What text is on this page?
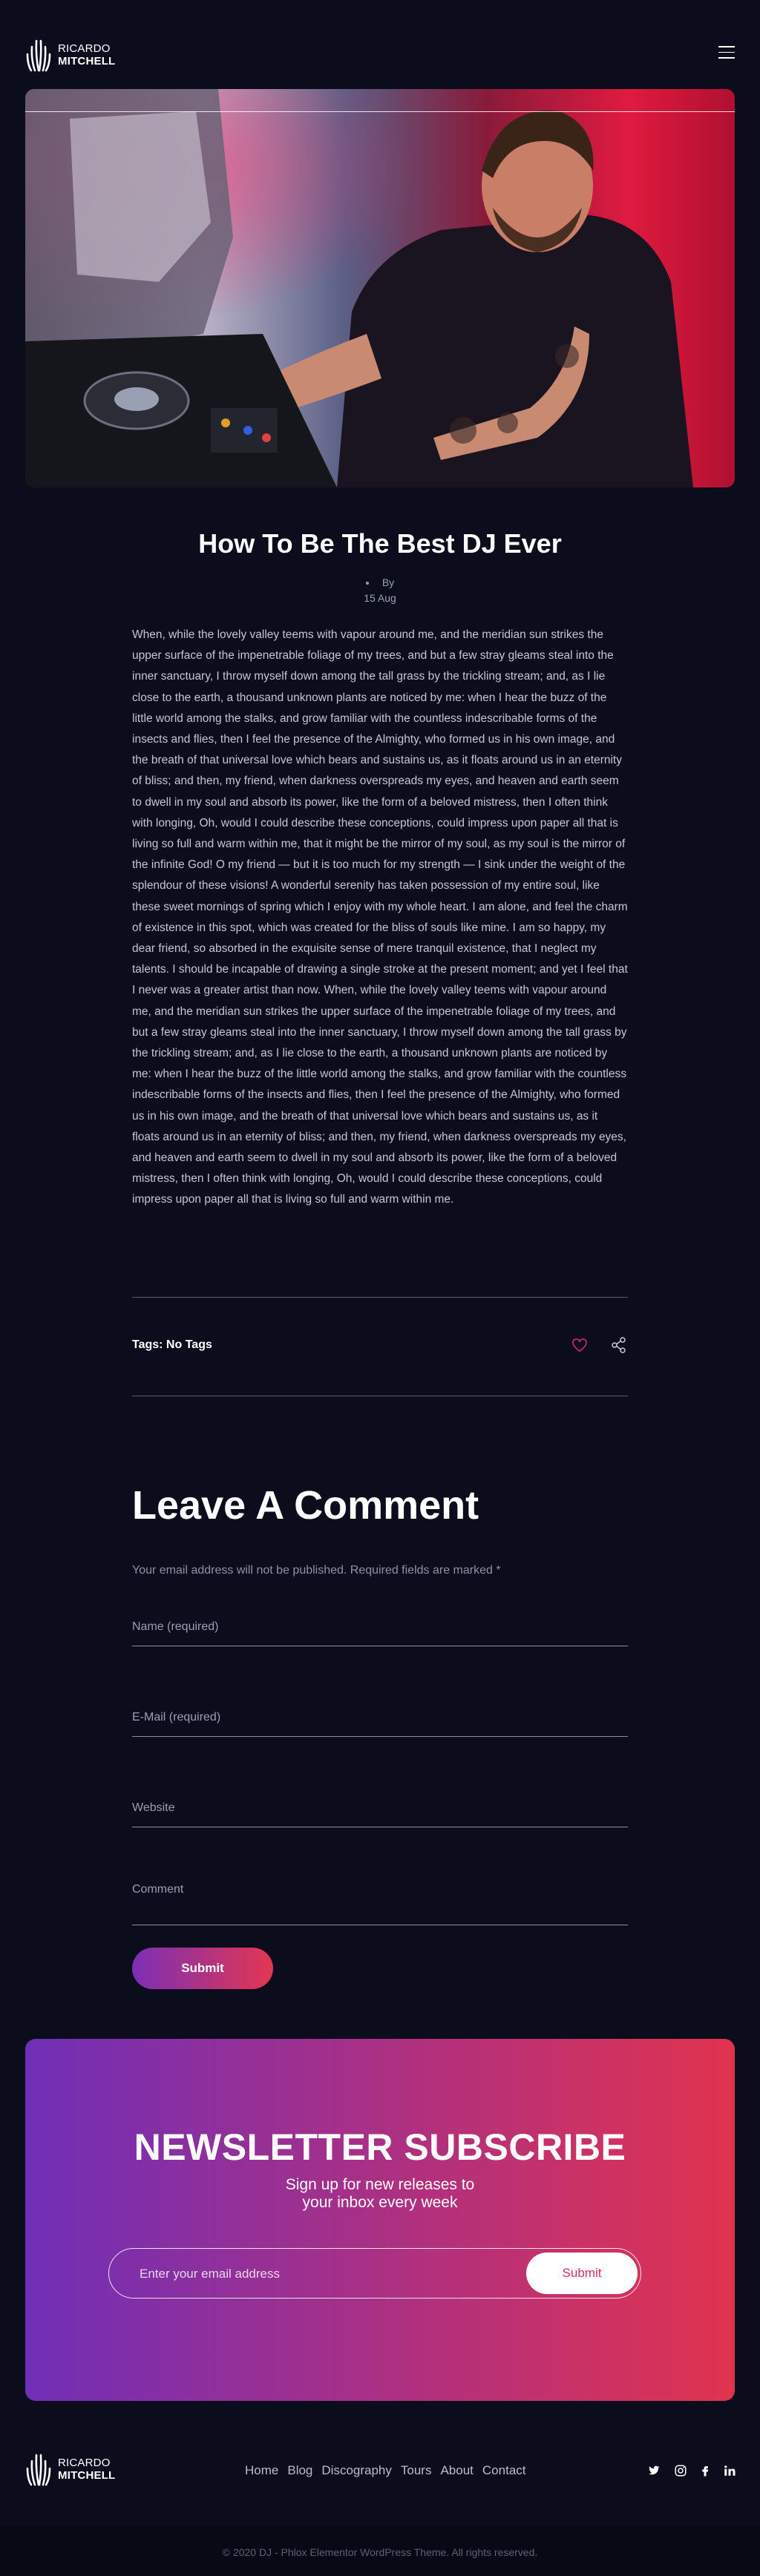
RICARDO
MITCHELL
How To Be The Best DJ Ever
By
15 Aug
When, while the lovely valley teems with vapour around me, and the meridian sun strikes the upper surface of the impenetrable foliage of my trees, and but a few stray gleams steal into the inner sanctuary, I throw myself down among the tall grass by the trickling stream; and, as I lie close to the earth, a thousand unknown plants are noticed by me: when I hear the buzz of the little world among the stalks, and grow familiar with the countless indescribable forms of the insects and flies, then I feel the presence of the Almighty, who formed us in his own image, and the breath of that universal love which bears and sustains us, as it floats around us in an eternity of bliss; and then, my friend, when darkness overspreads my eyes, and heaven and earth seem to dwell in my soul and absorb its power, like the form of a beloved mistress, then I often think with longing, Oh, would I could describe these conceptions, could impress upon paper all that is living so full and warm within me, that it might be the mirror of my soul, as my soul is the mirror of the infinite God! O my friend — but it is too much for my strength — I sink under the weight of the splendour of these visions! A wonderful serenity has taken possession of my entire soul, like these sweet mornings of spring which I enjoy with my whole heart. I am alone, and feel the charm of existence in this spot, which was created for the bliss of souls like mine. I am so happy, my dear friend, so absorbed in the exquisite sense of mere tranquil existence, that I neglect my talents. I should be incapable of drawing a single stroke at the present moment; and yet I feel that I never was a greater artist than now. When, while the lovely valley teems with vapour around me, and the meridian sun strikes the upper surface of the impenetrable foliage of my trees, and but a few stray gleams steal into the inner sanctuary, I throw myself down among the tall grass by the trickling stream; and, as I lie close to the earth, a thousand unknown plants are noticed by me: when I hear the buzz of the little world among the stalks, and grow familiar with the countless indescribable forms of the insects and flies, then I feel the presence of the Almighty, who formed us in his own image, and the breath of that universal love which bears and sustains us, as it floats around us in an eternity of bliss; and then, my friend, when darkness overspreads my eyes, and heaven and earth seem to dwell in my soul and absorb its power, like the form of a beloved mistress, then I often think with longing, Oh, would I could describe these conceptions, could impress upon paper all that is living so full and warm within me.
Tags: No Tags
Leave A Comment
Your email address will not be published. Required fields are marked *
Name (required)
E-Mail (required)
Website
Comment
Submit
NEWSLETTER SUBSCRIBE
Sign up for new releases to
your inbox every week
Enter your email address
Submit
RICARDO
MITCHELL	Home Blog Discography Tours About Contact
© 2020 DJ - Phlox Elementor WordPress Theme. All rights reserved.
